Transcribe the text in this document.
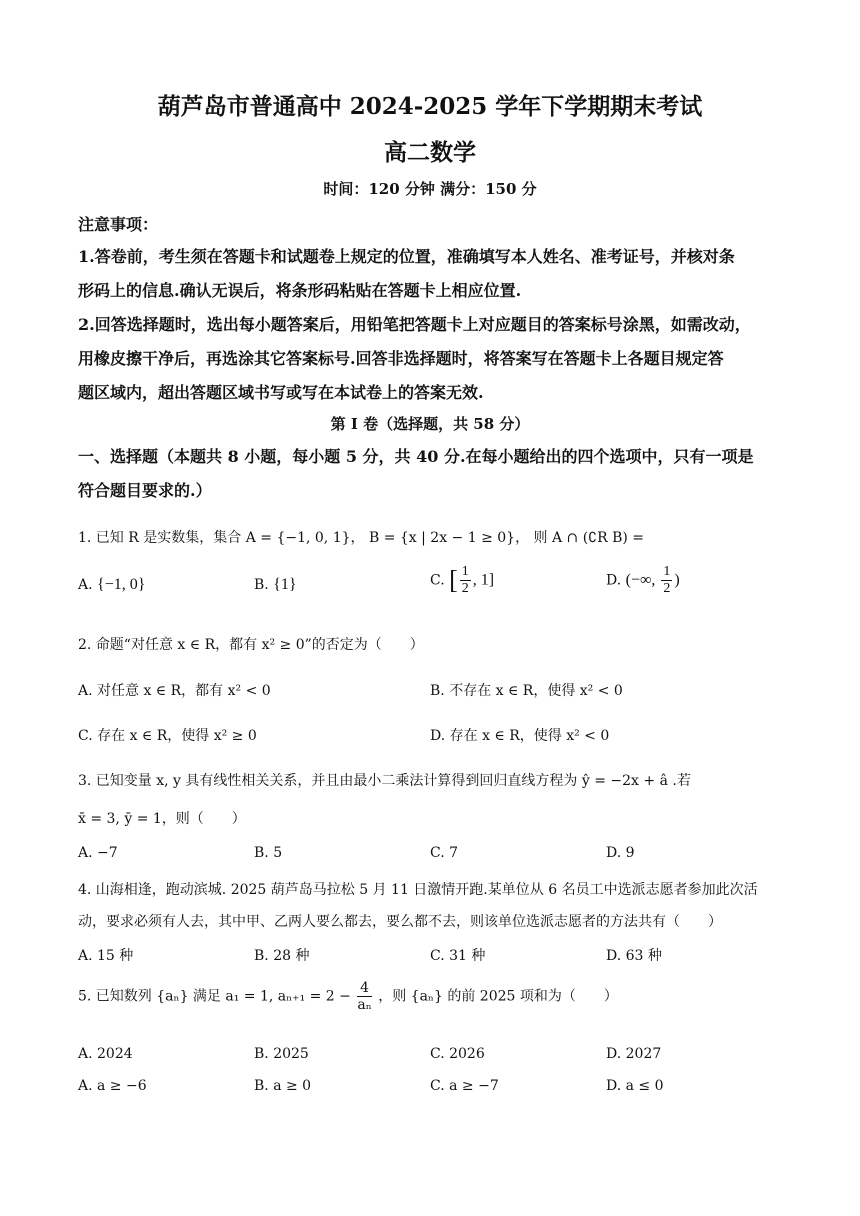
葫芦岛市普通高中 2024-2025 学年下学期期末考试
高二数学
时间：120 分钟 满分：150 分
注意事项：
1.答卷前，考生须在答题卡和试题卷上规定的位置，准确填写本人姓名、准考证号，并核对条
形码上的信息.确认无误后，将条形码粘贴在答题卡上相应位置.
2.回答选择题时，选出每小题答案后，用铅笔把答题卡上对应题目的答案标号涂黑，如需改动，
用橡皮擦干净后，再选涂其它答案标号.回答非选择题时，将答案写在答题卡上各题目规定答
题区域内，超出答题区域书写或写在本试卷上的答案无效.
第 I 卷（选择题，共 58 分）
一、选择题（本题共 8 小题，每小题 5 分，共 40 分.在每小题给出的四个选项中，只有一项是
符合题目要求的.）
1. 已知 R 是实数集，集合 A = {−1, 0, 1}， B = {x | 2x − 1 ≥ 0}， 则 A ∩ (∁R B) =
A. {−1, 0}	B. {1}	C. [ $\frac{1}{2}$ , 1]	D. (−∞, $\frac{1}{2}$ )
2. 命题“对任意 x ∈ R，都有 x² ≥ 0”的否定为（　　）
A. 对任意 x ∈ R，都有 x² < 0	B. 不存在 x ∈ R，使得 x² < 0
C. 存在 x ∈ R，使得 x² ≥ 0	D. 存在 x ∈ R，使得 x² < 0
3. 已知变量 x, y 具有线性相关关系，并且由最小二乘法计算得到回归直线方程为 ŷ = −2x + â .若
x̄ = 3, ȳ = 1，则（　　）
A. −7	B. 5	C. 7	D. 9
4. 山海相逢，跑动滨城. 2025 葫芦岛马拉松 5 月 11 日激情开跑.某单位从 6 名员工中选派志愿者参加此次活
动，要求必须有人去，其中甲、乙两人要么都去，要么都不去，则该单位选派志愿者的方法共有（　　）
A. 15 种	B. 28 种	C. 31 种	D. 63 种
5. 已知数列 {aₙ} 满足 a₁ = 1, $a_{n+1} = 2 - \frac{4}{\text{aₙ}}$ ，则 {aₙ} 的前 2025 项和为（　　）
A. 2024	B. 2025	C. 2026	D. 2027
A. a ≥ −6	B. a ≥ 0	C. a ≥ −7	D. a ≤ 0
